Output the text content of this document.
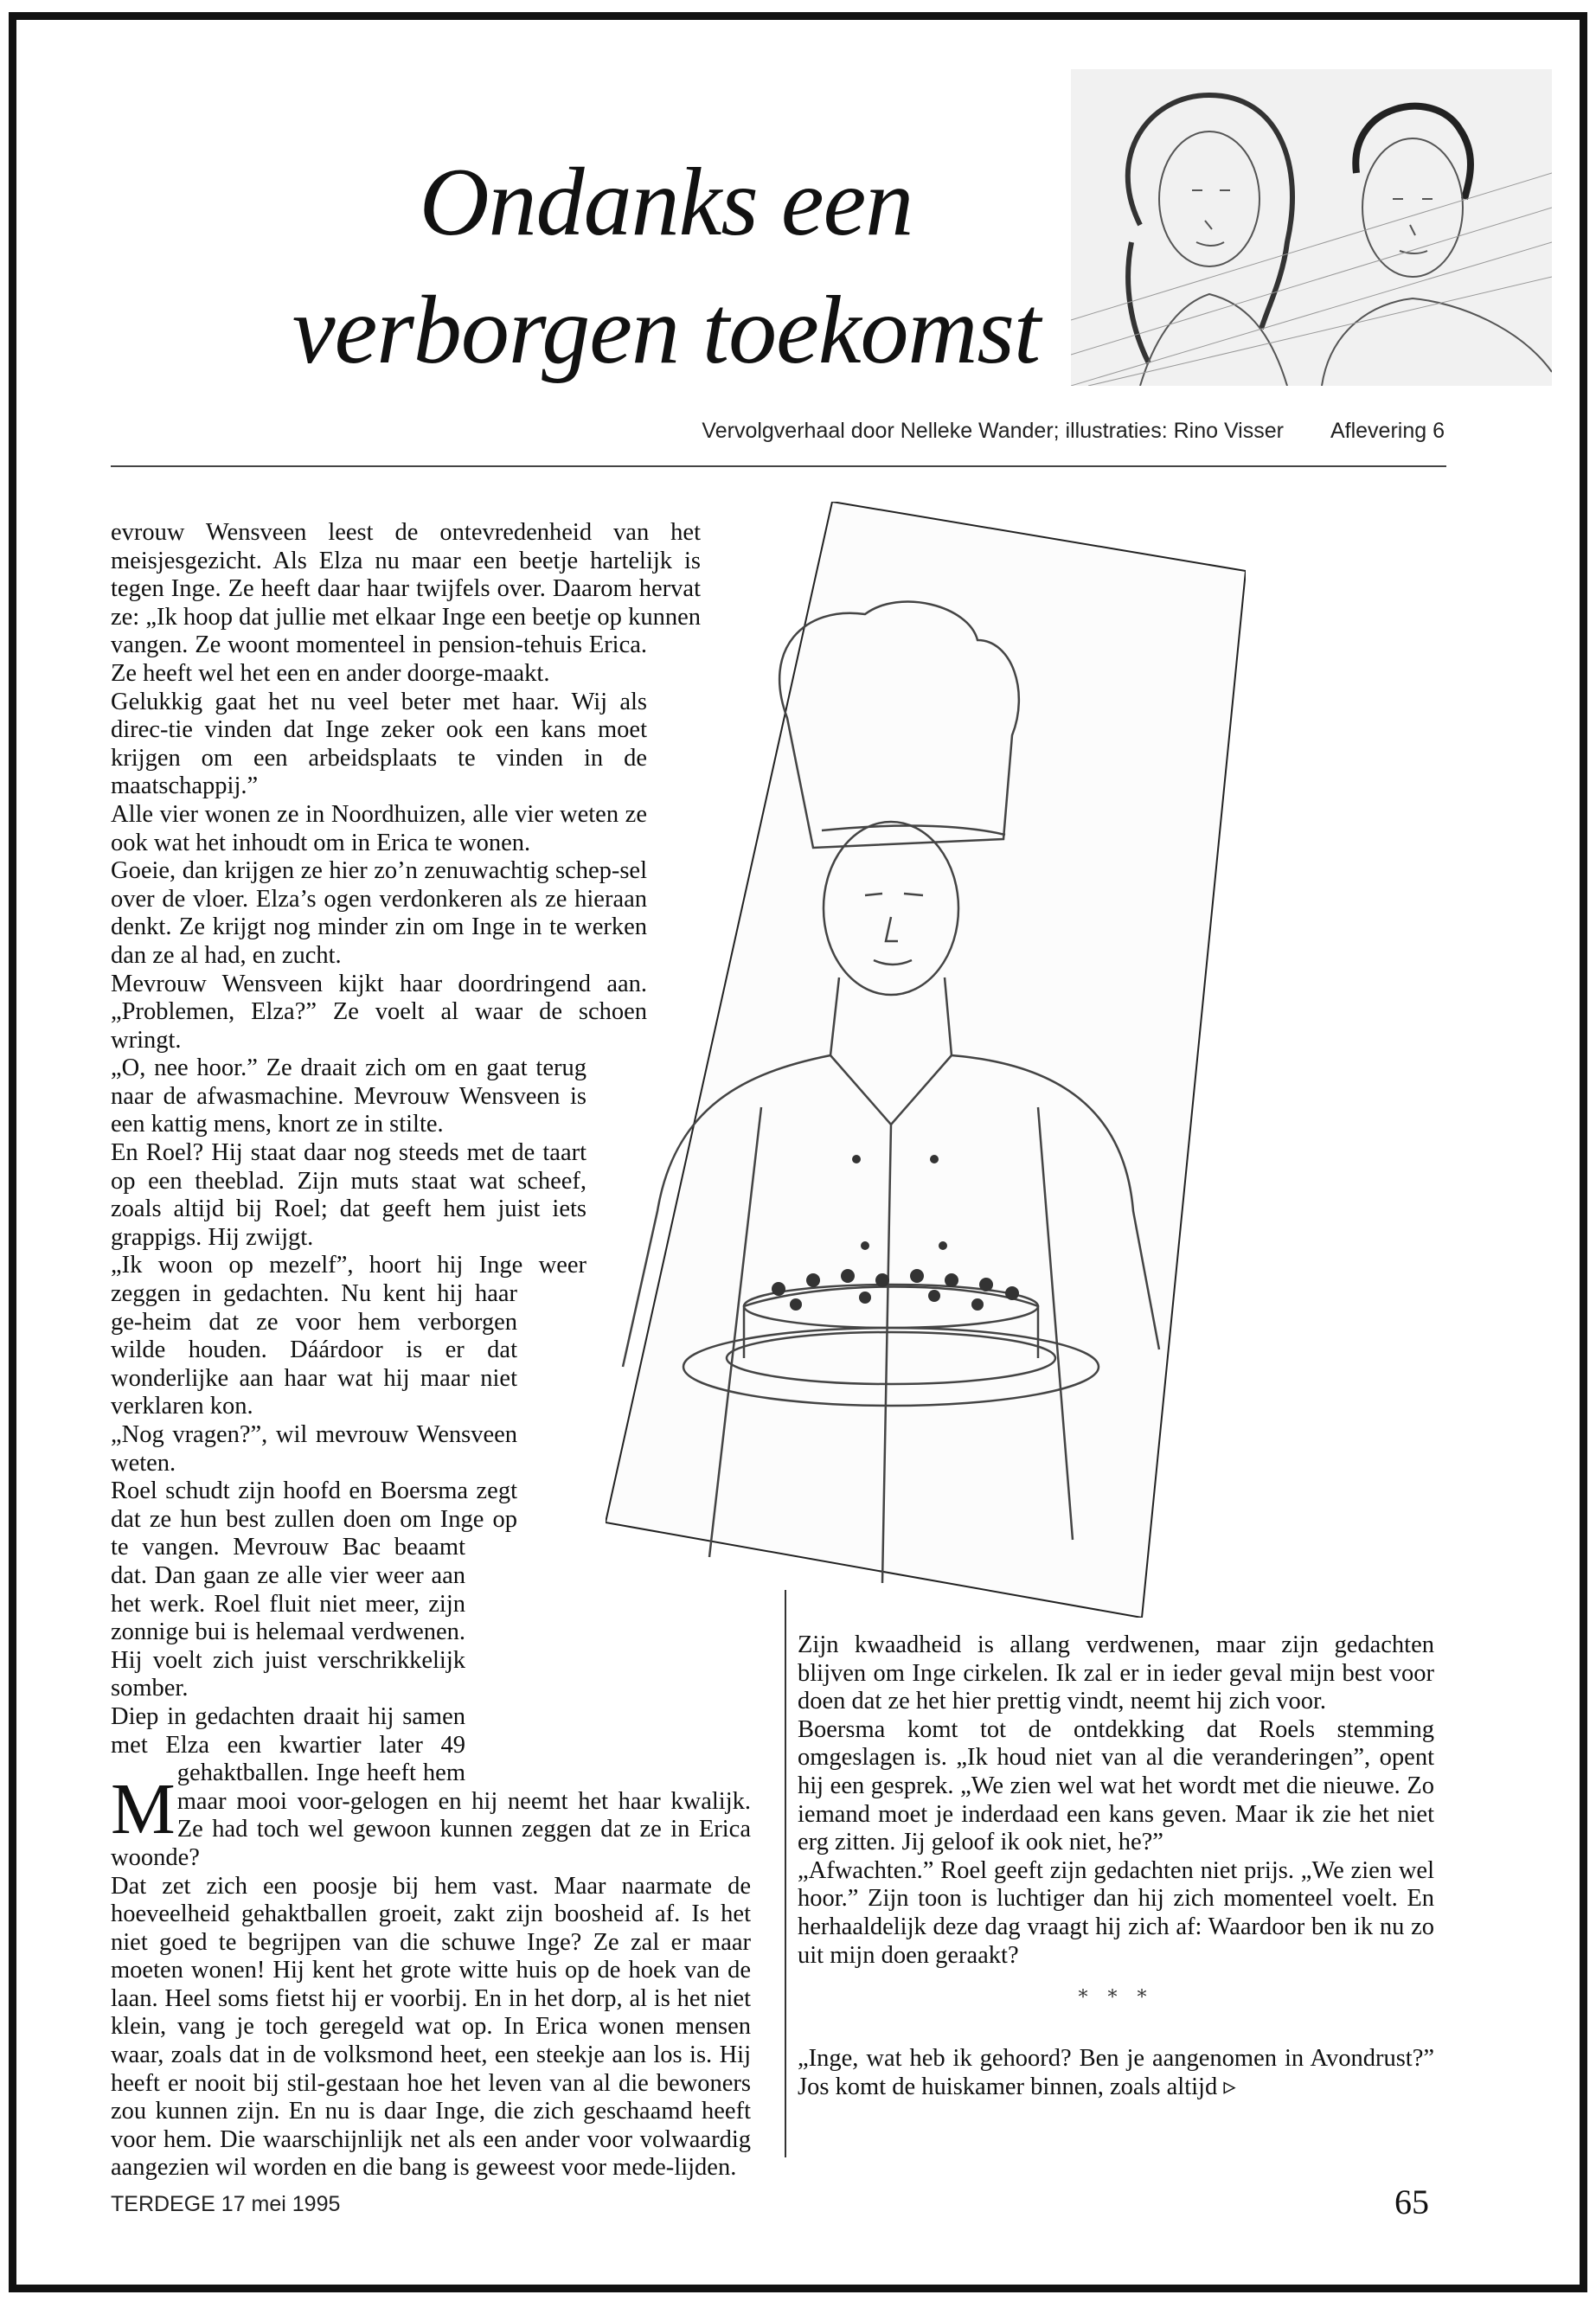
Ondanks een
verborgen toekomst
Vervolgverhaal door Nelleke Wander; illustraties: Rino Visser Aflevering 6

M
evrouw Wensveen leest de ontevredenheid van het meisjesgezicht. Als Elza nu maar een beetje hartelijk is tegen Inge. Ze heeft daar haar twijfels over. Daarom hervat ze: „Ik hoop dat jullie met elkaar Inge een beetje op kunnen vangen. Ze woont momenteel in pension-tehuis Erica. Ze heeft wel het een en ander doorge-maakt.

Gelukkig gaat het nu veel beter met haar. Wij als direc-tie vinden dat Inge zeker ook een kans moet krijgen om een arbeidsplaats te vinden in de maatschappij.”

Alle vier wonen ze in Noordhuizen, alle vier weten ze ook wat het inhoudt om in Erica te wonen.

Goeie, dan krijgen ze hier zo’n zenuwachtig schep-sel over de vloer. Elza’s ogen verdonkeren als ze hieraan denkt. Ze krijgt nog minder zin om Inge in te werken dan ze al had, en zucht.

Mevrouw Wensveen kijkt haar doordringend aan. „Problemen, Elza?” Ze voelt al waar de schoen wringt.

„O, nee hoor.” Ze draait zich om en gaat terug naar de afwasmachine. Mevrouw Wensveen is een kattig mens, knort ze in stilte.

En Roel? Hij staat daar nog steeds met de taart op een theeblad. Zijn muts staat wat scheef, zoals altijd bij Roel; dat geeft hem juist iets grappigs. Hij zwijgt.

„Ik woon op mezelf”, hoort hij Inge weer zeggen in gedachten. Nu kent hij haar ge-heim dat ze voor hem verborgen wilde houden. Dáárdoor is er dat wonderlijke aan haar wat hij maar niet verklaren kon.

„Nog vragen?”, wil mevrouw Wensveen weten.

Roel schudt zijn hoofd en Boersma zegt dat ze hun best zullen doen om Inge op te vangen. Mevrouw Bac beaamt dat. Dan gaan ze alle vier weer aan het werk. Roel fluit niet meer, zijn zonnige bui is helemaal verdwenen. Hij voelt zich juist verschrikkelijk somber.

Diep in gedachten draait hij samen met Elza een kwartier later 49 gehaktballen. Inge heeft hem maar mooi voor-gelogen en hij neemt het haar kwalijk. Ze had toch wel gewoon kunnen zeggen dat ze in Erica woonde?

Dat zet zich een poosje bij hem vast. Maar naarmate de hoeveelheid gehaktballen groeit, zakt zijn boosheid af. Is het niet goed te begrijpen van die schuwe Inge? Ze zal er maar moeten wonen! Hij kent het grote witte huis op de hoek van de laan. Heel soms fietst hij er voorbij. En in het dorp, al is het niet klein, vang je toch geregeld wat op. In Erica wonen mensen waar, zoals dat in de volksmond heet, een steekje aan los is. Hij heeft er nooit bij stil-gestaan hoe het leven van al die bewoners zou kunnen zijn. En nu is daar Inge, die zich geschaamd heeft voor hem. Die waarschijnlijk net als een ander voor volwaardig aangezien wil worden en die bang is geweest voor mede-lijden.

Zijn kwaadheid is allang verdwenen, maar zijn gedachten blijven om Inge cirkelen. Ik zal er in ieder geval mijn best voor doen dat ze het hier prettig vindt, neemt hij zich voor.

Boersma komt tot de ontdekking dat Roels stemming omgeslagen is. „Ik houd niet van al die veranderingen”, opent hij een gesprek. „We zien wel wat het wordt met die nieuwe. Zo iemand moet je inderdaad een kans geven. Maar ik zie het niet erg zitten. Jij geloof ik ook niet, he?”

„Afwachten.” Roel geeft zijn gedachten niet prijs. „We zien wel hoor.” Zijn toon is luchtiger dan hij zich momenteel voelt. En herhaaldelijk deze dag vraagt hij zich af: Waardoor ben ik nu zo uit mijn doen geraakt?

* * *

„Inge, wat heb ik gehoord? Ben je aangenomen in Avondrust?” Jos komt de huiskamer binnen, zoals altijd ▹

TERDEGE 17 mei 1995	65
